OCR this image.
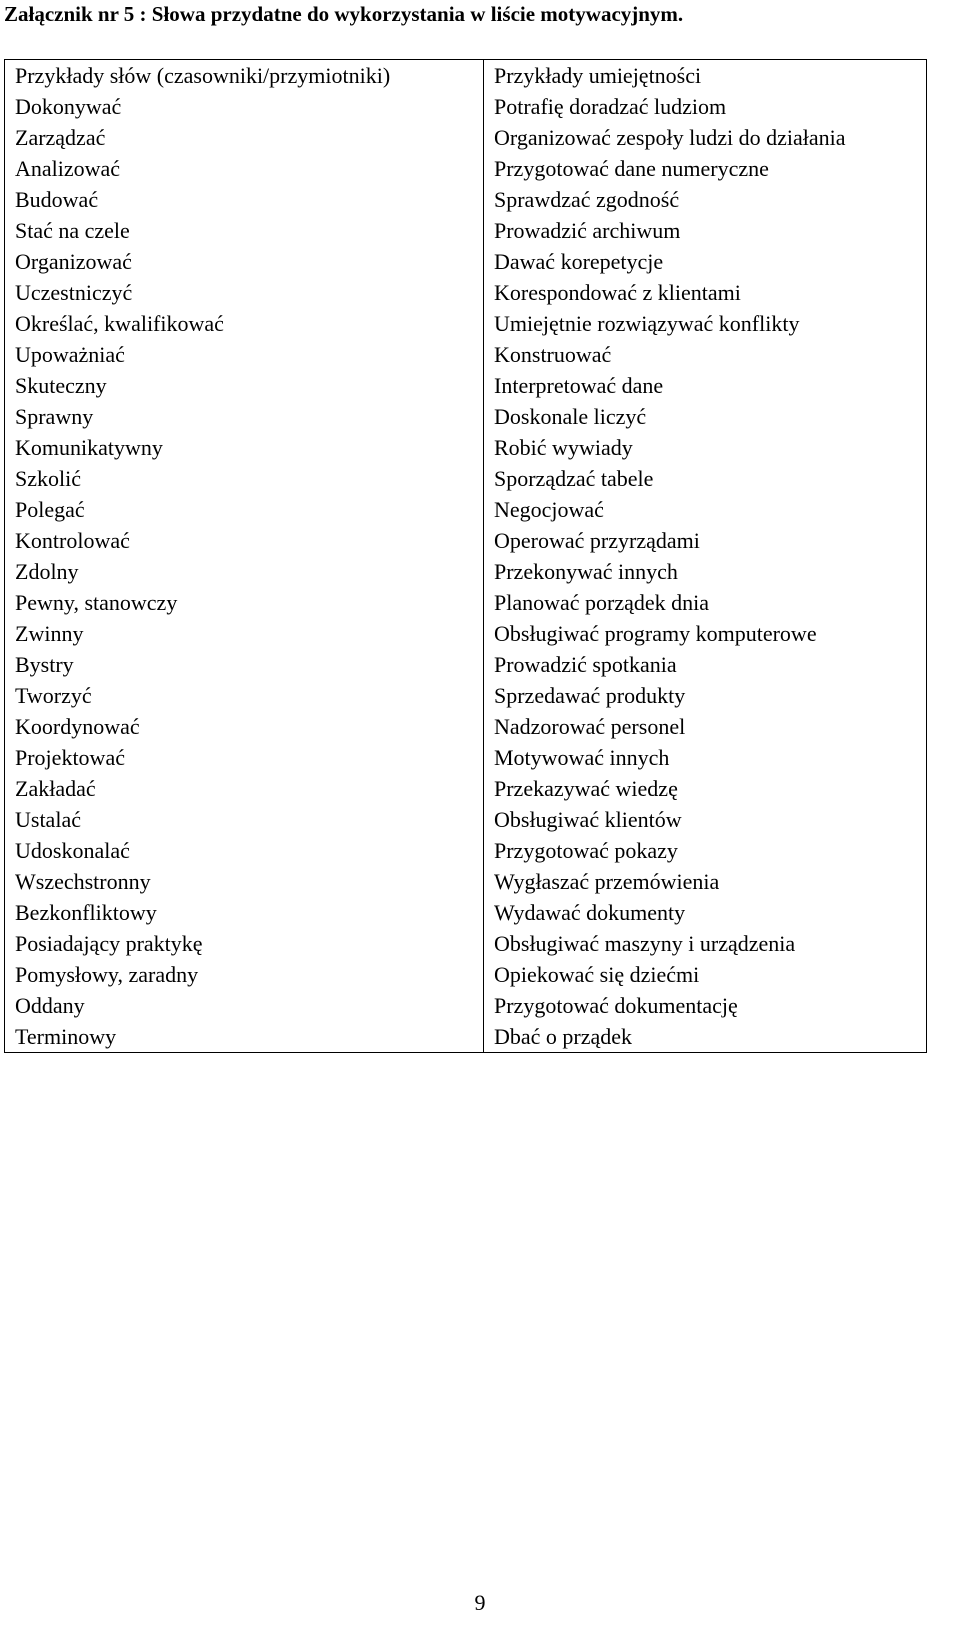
Załącznik nr 5 : Słowa przydatne do wykorzystania w liście motywacyjnym.
Przykłady słów (czasowniki/przymiotniki)	Przykłady umiejętności
Dokonywać	Potrafię doradzać ludziom
Zarządzać	Organizować zespoły ludzi do działania
Analizować	Przygotować dane numeryczne
Budować	Sprawdzać zgodność
Stać na czele	Prowadzić archiwum
Organizować	Dawać korepetycje
Uczestniczyć	Korespondować z klientami
Określać, kwalifikować	Umiejętnie rozwiązywać konflikty
Upoważniać	Konstruować
Skuteczny	Interpretować dane
Sprawny	Doskonale liczyć
Komunikatywny	Robić wywiady
Szkolić	Sporządzać tabele
Polegać	Negocjować
Kontrolować	Operować przyrządami
Zdolny	Przekonywać innych
Pewny, stanowczy	Planować porządek dnia
Zwinny	Obsługiwać programy komputerowe
Bystry	Prowadzić spotkania
Tworzyć	Sprzedawać produkty
Koordynować	Nadzorować personel
Projektować	Motywować innych
Zakładać	Przekazywać wiedzę
Ustalać	Obsługiwać klientów
Udoskonalać	Przygotować pokazy
Wszechstronny	Wygłaszać przemówienia
Bezkonfliktowy	Wydawać dokumenty
Posiadający praktykę	Obsługiwać maszyny i urządzenia
Pomysłowy, zaradny	Opiekować się dziećmi
Oddany	Przygotować dokumentację
Terminowy	Dbać o prządek
9
